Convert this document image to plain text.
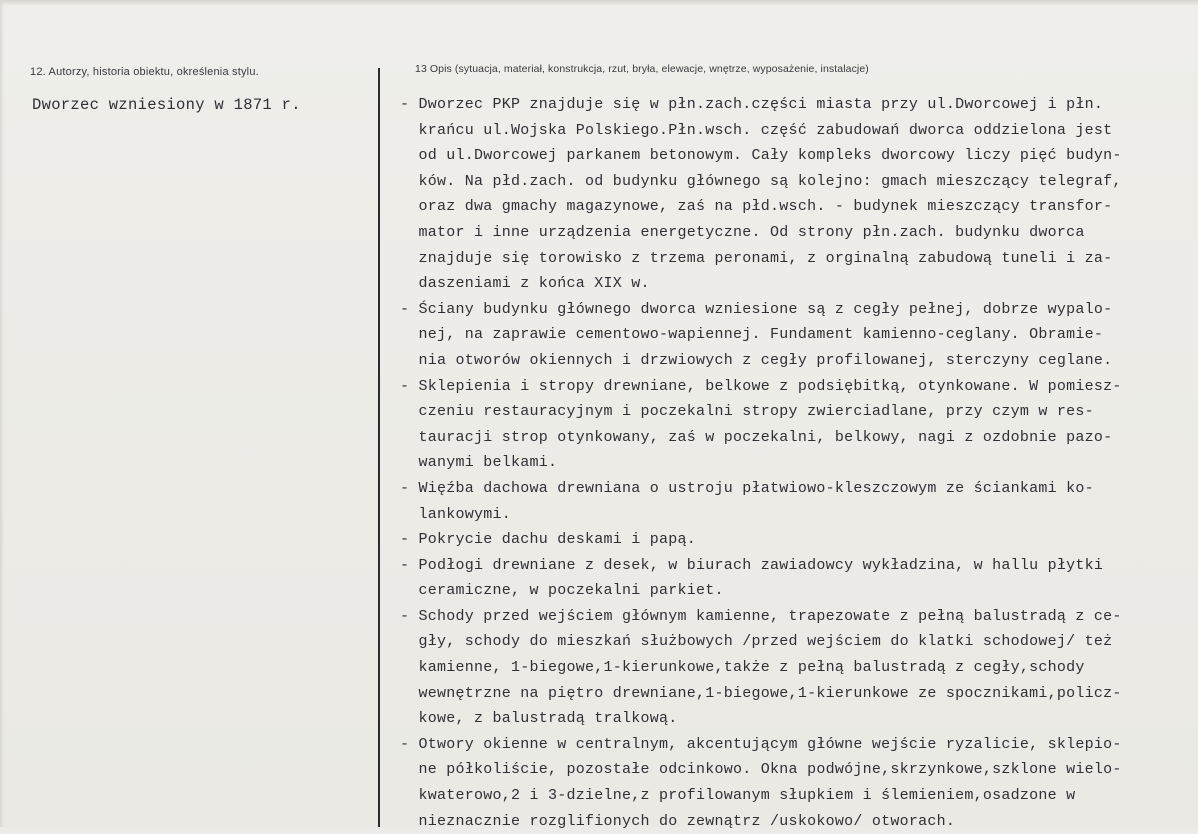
12. Autorzy, historia obiektu, określenia stylu.	13 Opis (sytuacja, materiał, konstrukcja, rzut, bryła, elewacje, wnętrze, wyposażenie, instalacje)
Dworzec wzniesiony w 1871 r.	- Dworzec PKP znajduje się w płn.zach.części miasta przy ul.Dworcowej i płn.
krańcu ul.Wojska Polskiego.Płn.wsch. część zabudowań dworca oddzielona jest
od ul.Dworcowej parkanem betonowym. Cały kompleks dworcowy liczy pięć budyn-
ków. Na płd.zach. od budynku głównego są kolejno: gmach mieszczący telegraf,
oraz dwa gmachy magazynowe, zaś na płd.wsch. - budynek mieszczący transfor-
mator i inne urządzenia energetyczne. Od strony płn.zach. budynku dworca
znajduje się torowisko z trzema peronami, z orginalną zabudową tuneli i za-
daszeniami z końca XIX w.
- Ściany budynku głównego dworca wzniesione są z cegły pełnej, dobrze wypalo-
nej, na zaprawie cementowo-wapiennej. Fundament kamienno-ceglany. Obramie-
nia otworów okiennych i drzwiowych z cegły profilowanej, sterczyny ceglane.
- Sklepienia i stropy drewniane, belkowe z podsiębitką, otynkowane. W pomiesz-
czeniu restauracyjnym i poczekalni stropy zwierciadlane, przy czym w res-
tauracji strop otynkowany, zaś w poczekalni, belkowy, nagi z ozdobnie pazo-
wanymi belkami.
- Więźba dachowa drewniana o ustroju płatwiowo-kleszczowym ze ściankami ko-
lankowymi.
- Pokrycie dachu deskami i papą.
- Podłogi drewniane z desek, w biurach zawiadowcy wykładzina, w hallu płytki
ceramiczne, w poczekalni parkiet.
- Schody przed wejściem głównym kamienne, trapezowate z pełną balustradą z ce-
gły, schody do mieszkań służbowych /przed wejściem do klatki schodowej/ też
kamienne, 1-biegowe,1-kierunkowe,także z pełną balustradą z cegły,schody
wewnętrzne na piętro drewniane,1-biegowe,1-kierunkowe ze spocznikami,policz-
kowe, z balustradą tralkową.
- Otwory okienne w centralnym, akcentującym główne wejście ryzalicie, sklepio-
ne półkoliście, pozostałe odcinkowo. Okna podwójne,skrzynkowe,szklone wielo-
kwaterowo,2 i 3-dzielne,z profilowanym słupkiem i ślemieniem,osadzone w
nieznacznie rozglifionych do zewnątrz /uskokowo/ otworach.
